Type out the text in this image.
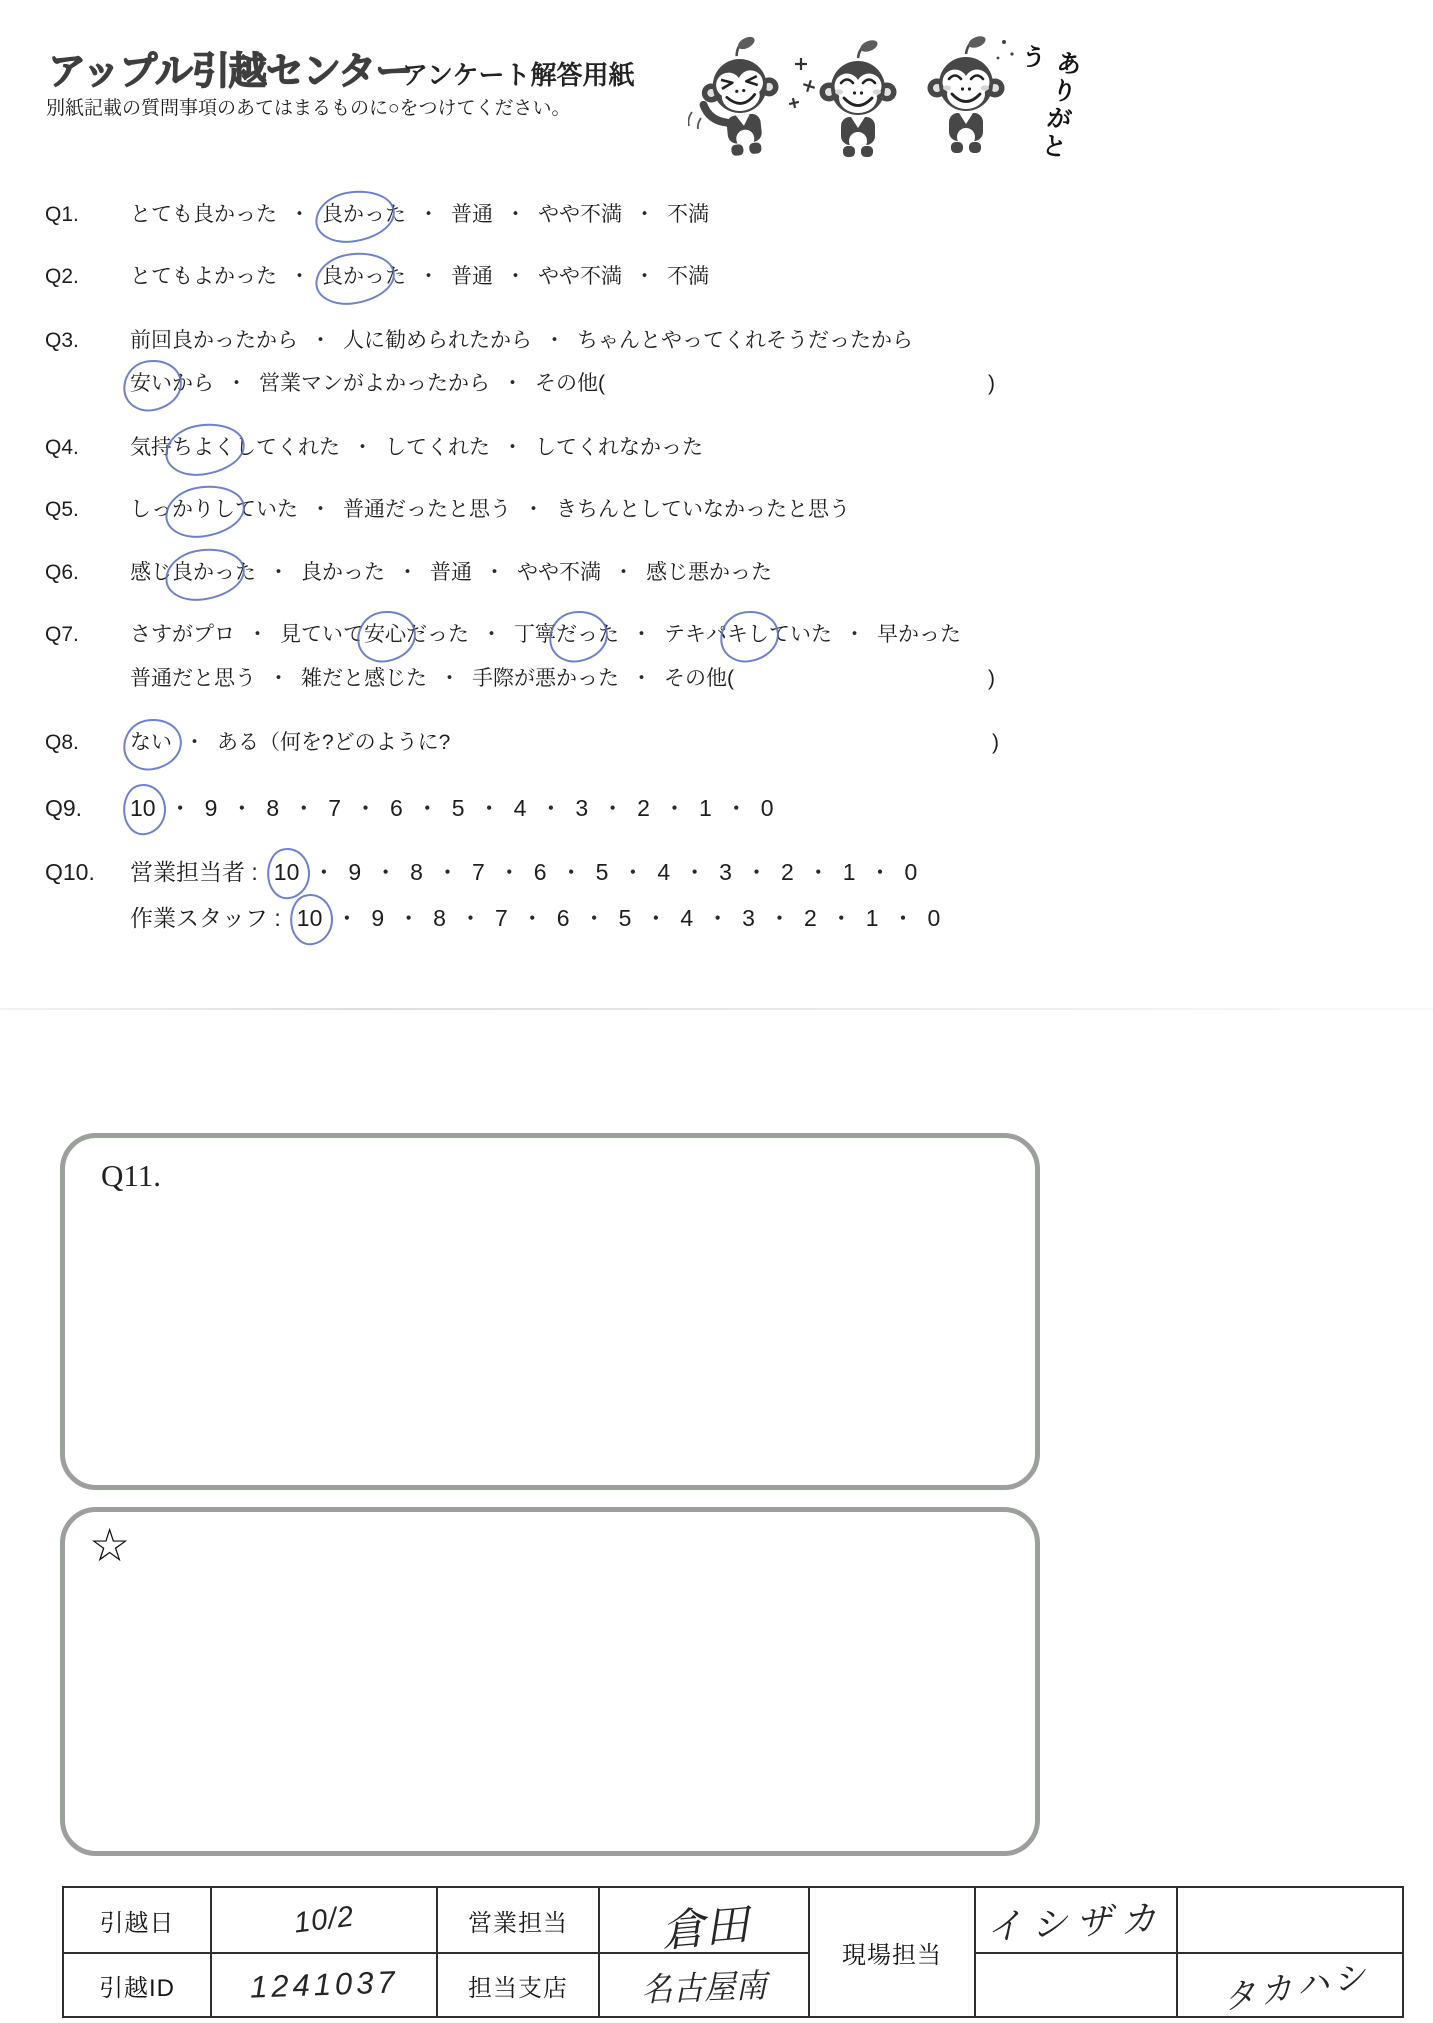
アップル引越センター
アンケート解答用紙
別紙記載の質問事項のあてはまるものに○をつけてください。	ありがとう
Q1. とても良かった ・ 良かった ・ 普通 ・ やや不満 ・ 不満
Q2. とてもよかった ・ 良かった ・ 普通 ・ やや不満 ・ 不満
Q3. 前回良かったから ・ 人に勧められたから ・ ちゃんとやってくれそうだったから
安いから ・ 営業マンがよかったから ・ その他(	)
Q4. 気持ちよくしてくれた ・ してくれた ・ してくれなかった
Q5. しっかりしていた ・ 普通だったと思う ・ きちんとしていなかったと思う
Q6. 感じ良かった ・ 良かった ・ 普通 ・ やや不満 ・ 感じ悪かった
Q7. さすがプロ ・ 見ていて安心だった ・ 丁寧だった ・ テキパキしていた ・ 早かった
普通だと思う ・ 雑だと感じた ・ 手際が悪かった ・ その他(	)
Q8. ない ・ ある（何を?どのように?	)
Q9. 10 ・ 9 ・ 8 ・ 7 ・ 6 ・ 5 ・ 4 ・ 3 ・ 2 ・ 1 ・ 0
Q10. 営業担当者 : 10 ・ 9 ・ 8 ・ 7 ・ 6 ・ 5 ・ 4 ・ 3 ・ 2 ・ 1 ・ 0
作業スタッフ : 10 ・ 9 ・ 8 ・ 7 ・ 6 ・ 5 ・ 4 ・ 3 ・ 2 ・ 1 ・ 0
Q11.
☆
引越日	10/2	営業担当	倉田	現場担当	イシザカ	
引越ID	1241037	担当支店	名古屋南			タカハシ
